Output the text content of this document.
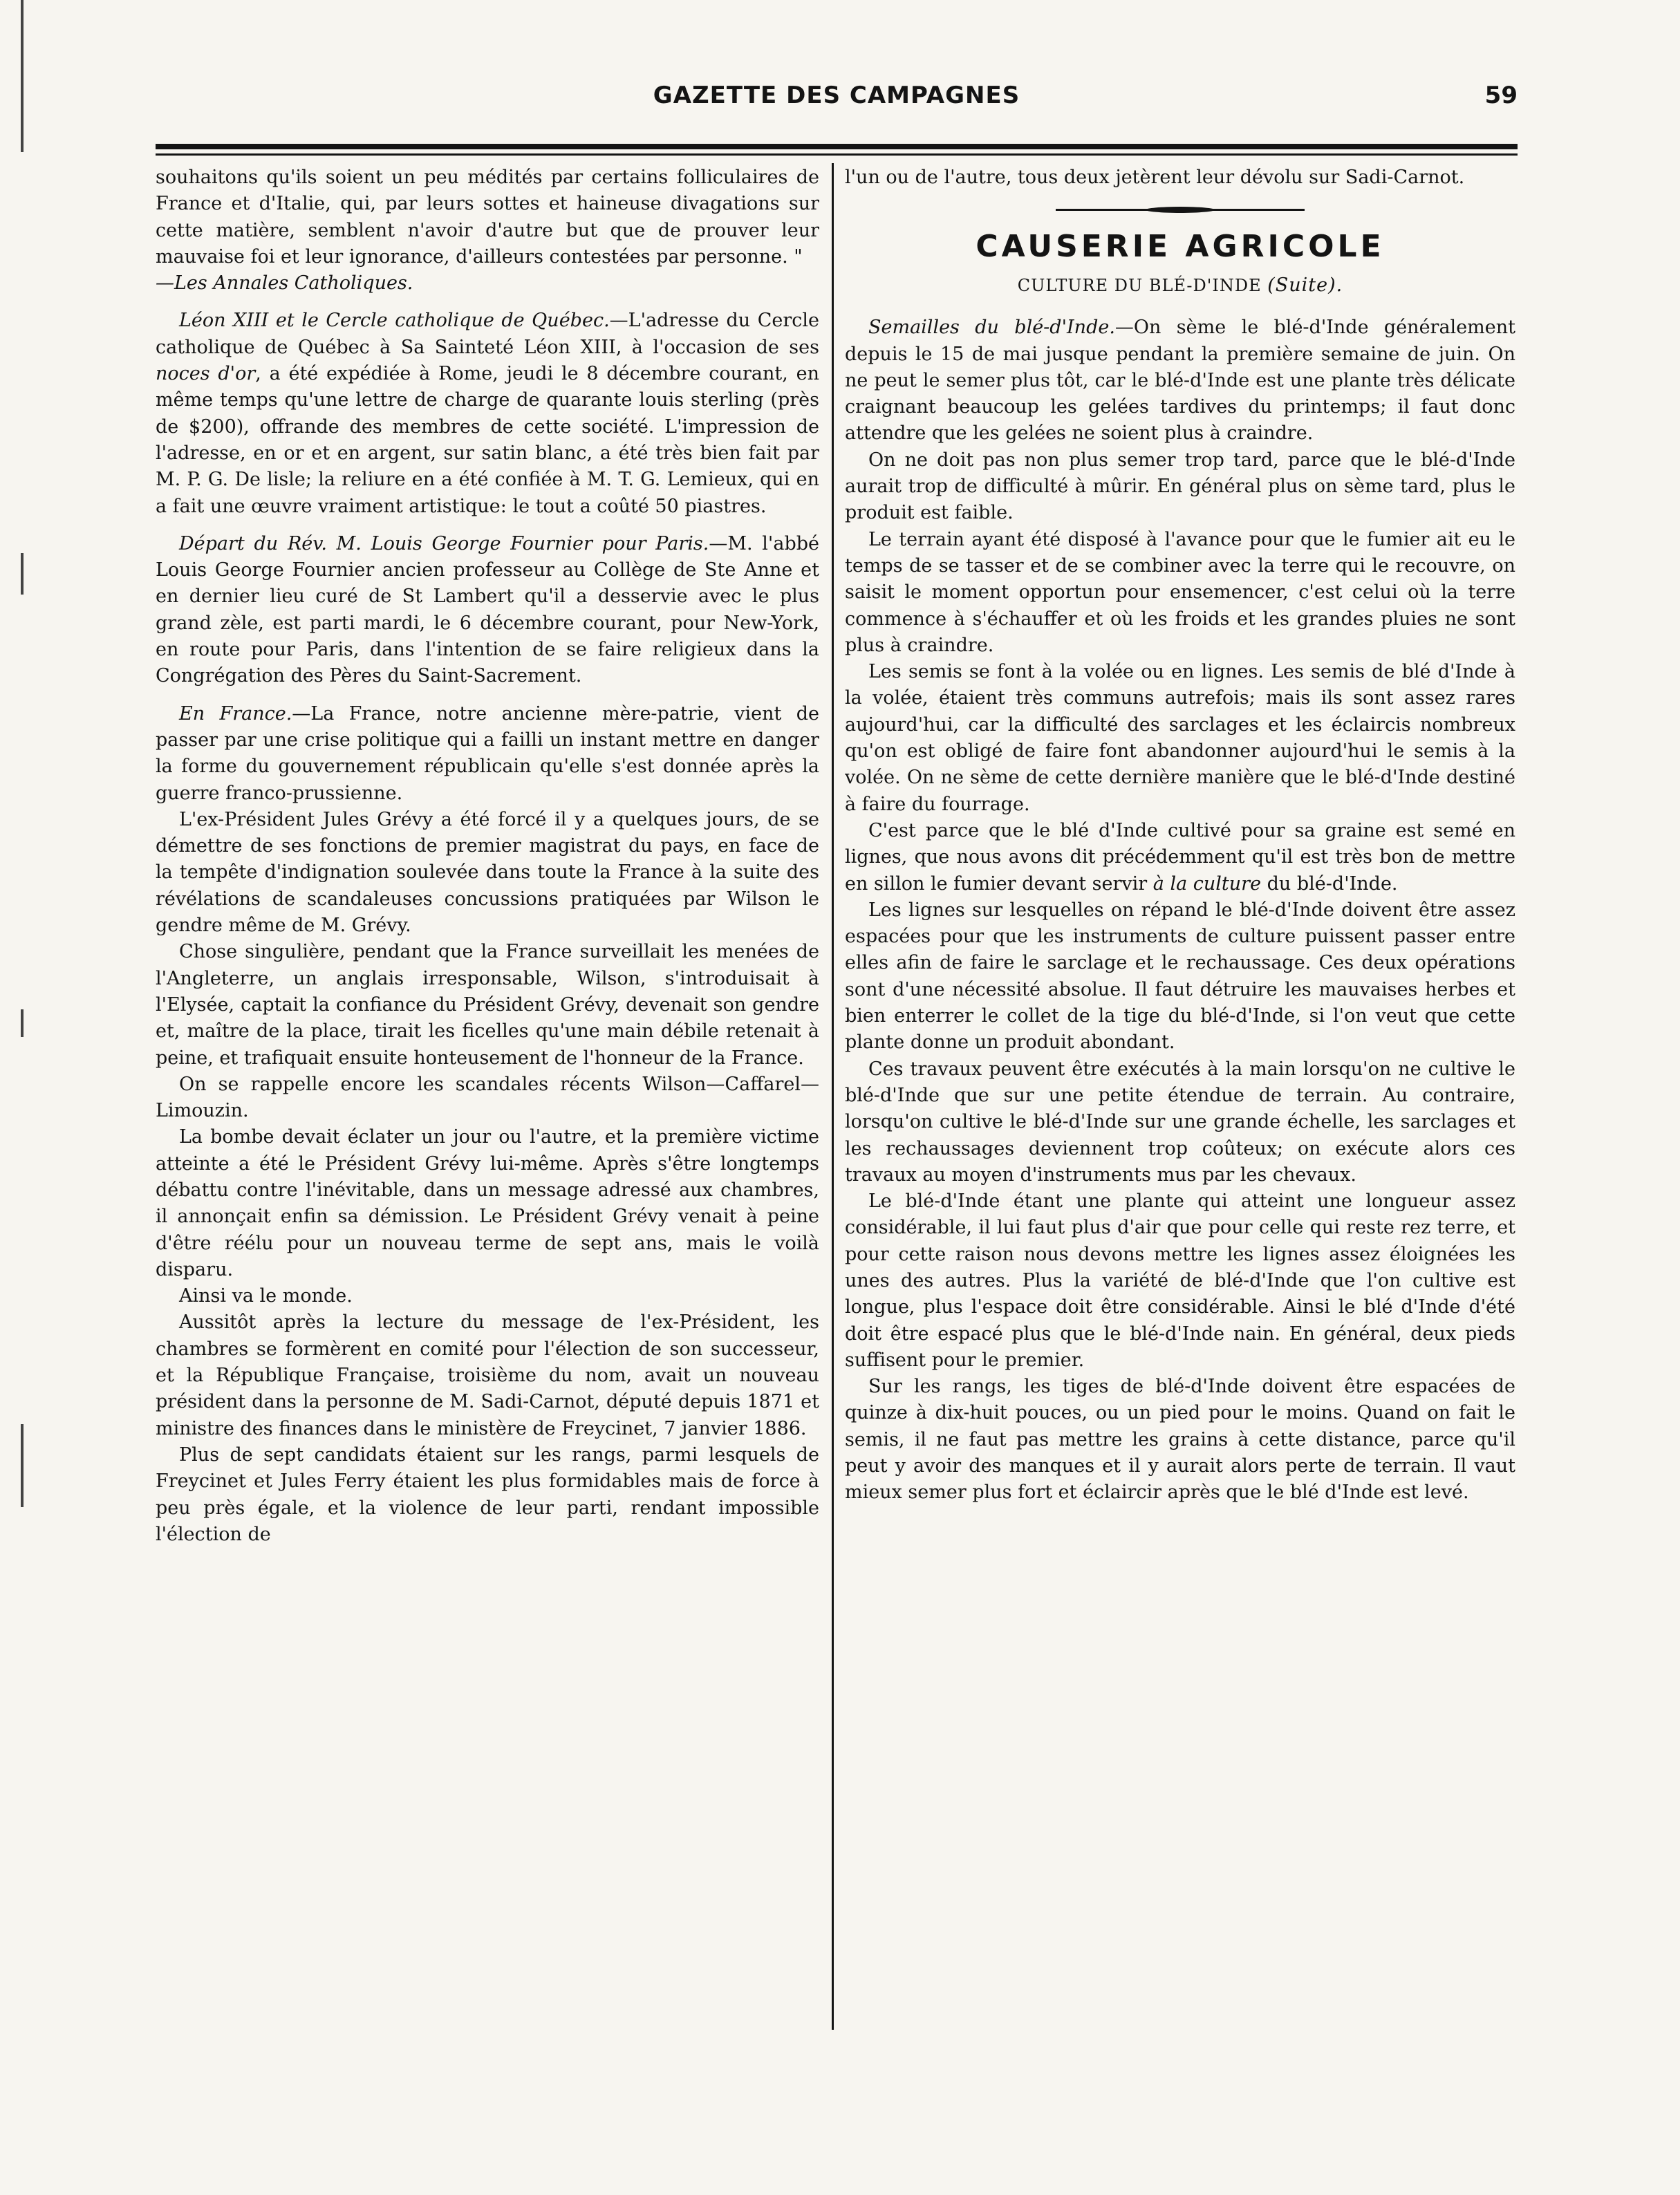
GAZETTE DES CAMPAGNES	59

souhaitons qu'ils soient un peu médités par certains folliculaires de France et d'Italie, qui, par leurs sottes et haineuse divagations sur cette matière, semblent n'avoir d'autre but que de prouver leur mauvaise foi et leur ignorance, d'ailleurs contestées par personne. "
—Les Annales Catholiques.

Léon XIII et le Cercle catholique de Québec.—L'adresse du Cercle catholique de Québec à Sa Sainteté Léon XIII, à l'occasion de ses noces d'or, a été expédiée à Rome, jeudi le 8 décembre courant, en même temps qu'une lettre de charge de quarante louis sterling (près de $200), offrande des membres de cette société. L'impression de l'adresse, en or et en argent, sur satin blanc, a été très bien fait par M. P. G. De lisle; la reliure en a été confiée à M. T. G. Lemieux, qui en a fait une œuvre vraiment artistique: le tout a coûté 50 piastres.

Départ du Rév. M. Louis George Fournier pour Paris.—M. l'abbé Louis George Fournier ancien professeur au Collège de Ste Anne et en dernier lieu curé de St Lambert qu'il a desservie avec le plus grand zèle, est parti mardi, le 6 décembre courant, pour New-York, en route pour Paris, dans l'intention de se faire religieux dans la Congrégation des Pères du Saint-Sacrement.

En France.—La France, notre ancienne mère-patrie, vient de passer par une crise politique qui a failli un instant mettre en danger la forme du gouvernement républicain qu'elle s'est donnée après la guerre franco-prussienne.

L'ex-Président Jules Grévy a été forcé il y a quelques jours, de se démettre de ses fonctions de premier magistrat du pays, en face de la tempête d'indignation soulevée dans toute la France à la suite des révélations de scandaleuses concussions pratiquées par Wilson le gendre même de M. Grévy.

Chose singulière, pendant que la France surveillait les menées de l'Angleterre, un anglais irresponsable, Wilson, s'introduisait à l'Elysée, captait la confiance du Président Grévy, devenait son gendre et, maître de la place, tirait les ficelles qu'une main débile retenait à peine, et trafiquait ensuite honteusement de l'honneur de la France.

On se rappelle encore les scandales récents Wilson—Caffarel—Limouzin.

La bombe devait éclater un jour ou l'autre, et la première victime atteinte a été le Président Grévy lui-même. Après s'être longtemps débattu contre l'inévitable, dans un message adressé aux chambres, il annonçait enfin sa démission. Le Président Grévy venait à peine d'être réélu pour un nouveau terme de sept ans, mais le voilà disparu.

Ainsi va le monde.

Aussitôt après la lecture du message de l'ex-Président, les chambres se formèrent en comité pour l'élection de son successeur, et la République Française, troisième du nom, avait un nouveau président dans la personne de M. Sadi-Carnot, député depuis 1871 et ministre des finances dans le ministère de Freycinet, 7 janvier 1886.

Plus de sept candidats étaient sur les rangs, parmi lesquels de Freycinet et Jules Ferry étaient les plus formidables mais de force à peu près égale, et la violence de leur parti, rendant impossible l'élection de

l'un ou de l'autre, tous deux jetèrent leur dévolu sur Sadi-Carnot.

CAUSERIE AGRICOLE
CULTURE DU BLÉ-D'INDE (Suite).

Semailles du blé-d'Inde.—On sème le blé-d'Inde généralement depuis le 15 de mai jusque pendant la première semaine de juin. On ne peut le semer plus tôt, car le blé-d'Inde est une plante très délicate craignant beaucoup les gelées tardives du printemps; il faut donc attendre que les gelées ne soient plus à craindre.

On ne doit pas non plus semer trop tard, parce que le blé-d'Inde aurait trop de difficulté à mûrir. En général plus on sème tard, plus le produit est faible.

Le terrain ayant été disposé à l'avance pour que le fumier ait eu le temps de se tasser et de se combiner avec la terre qui le recouvre, on saisit le moment opportun pour ensemencer, c'est celui où la terre commence à s'échauffer et où les froids et les grandes pluies ne sont plus à craindre.

Les semis se font à la volée ou en lignes. Les semis de blé d'Inde à la volée, étaient très communs autrefois; mais ils sont assez rares aujourd'hui, car la difficulté des sarclages et les éclaircis nombreux qu'on est obligé de faire font abandonner aujourd'hui le semis à la volée. On ne sème de cette dernière manière que le blé-d'Inde destiné à faire du fourrage.

C'est parce que le blé d'Inde cultivé pour sa graine est semé en lignes, que nous avons dit précédemment qu'il est très bon de mettre en sillon le fumier devant servir à la culture du blé-d'Inde.

Les lignes sur lesquelles on répand le blé-d'Inde doivent être assez espacées pour que les instruments de culture puissent passer entre elles afin de faire le sarclage et le rechaussage. Ces deux opérations sont d'une nécessité absolue. Il faut détruire les mauvaises herbes et bien enterrer le collet de la tige du blé-d'Inde, si l'on veut que cette plante donne un produit abondant.

Ces travaux peuvent être exécutés à la main lorsqu'on ne cultive le blé-d'Inde que sur une petite étendue de terrain. Au contraire, lorsqu'on cultive le blé-d'Inde sur une grande échelle, les sarclages et les rechaussages deviennent trop coûteux; on exécute alors ces travaux au moyen d'instruments mus par les chevaux.

Le blé-d'Inde étant une plante qui atteint une longueur assez considérable, il lui faut plus d'air que pour celle qui reste rez terre, et pour cette raison nous devons mettre les lignes assez éloignées les unes des autres. Plus la variété de blé-d'Inde que l'on cultive est longue, plus l'espace doit être considérable. Ainsi le blé d'Inde d'été doit être espacé plus que le blé-d'Inde nain. En général, deux pieds suffisent pour le premier.

Sur les rangs, les tiges de blé-d'Inde doivent être espacées de quinze à dix-huit pouces, ou un pied pour le moins. Quand on fait le semis, il ne faut pas mettre les grains à cette distance, parce qu'il peut y avoir des manques et il y aurait alors perte de terrain. Il vaut mieux semer plus fort et éclaircir après que le blé d'Inde est levé.
